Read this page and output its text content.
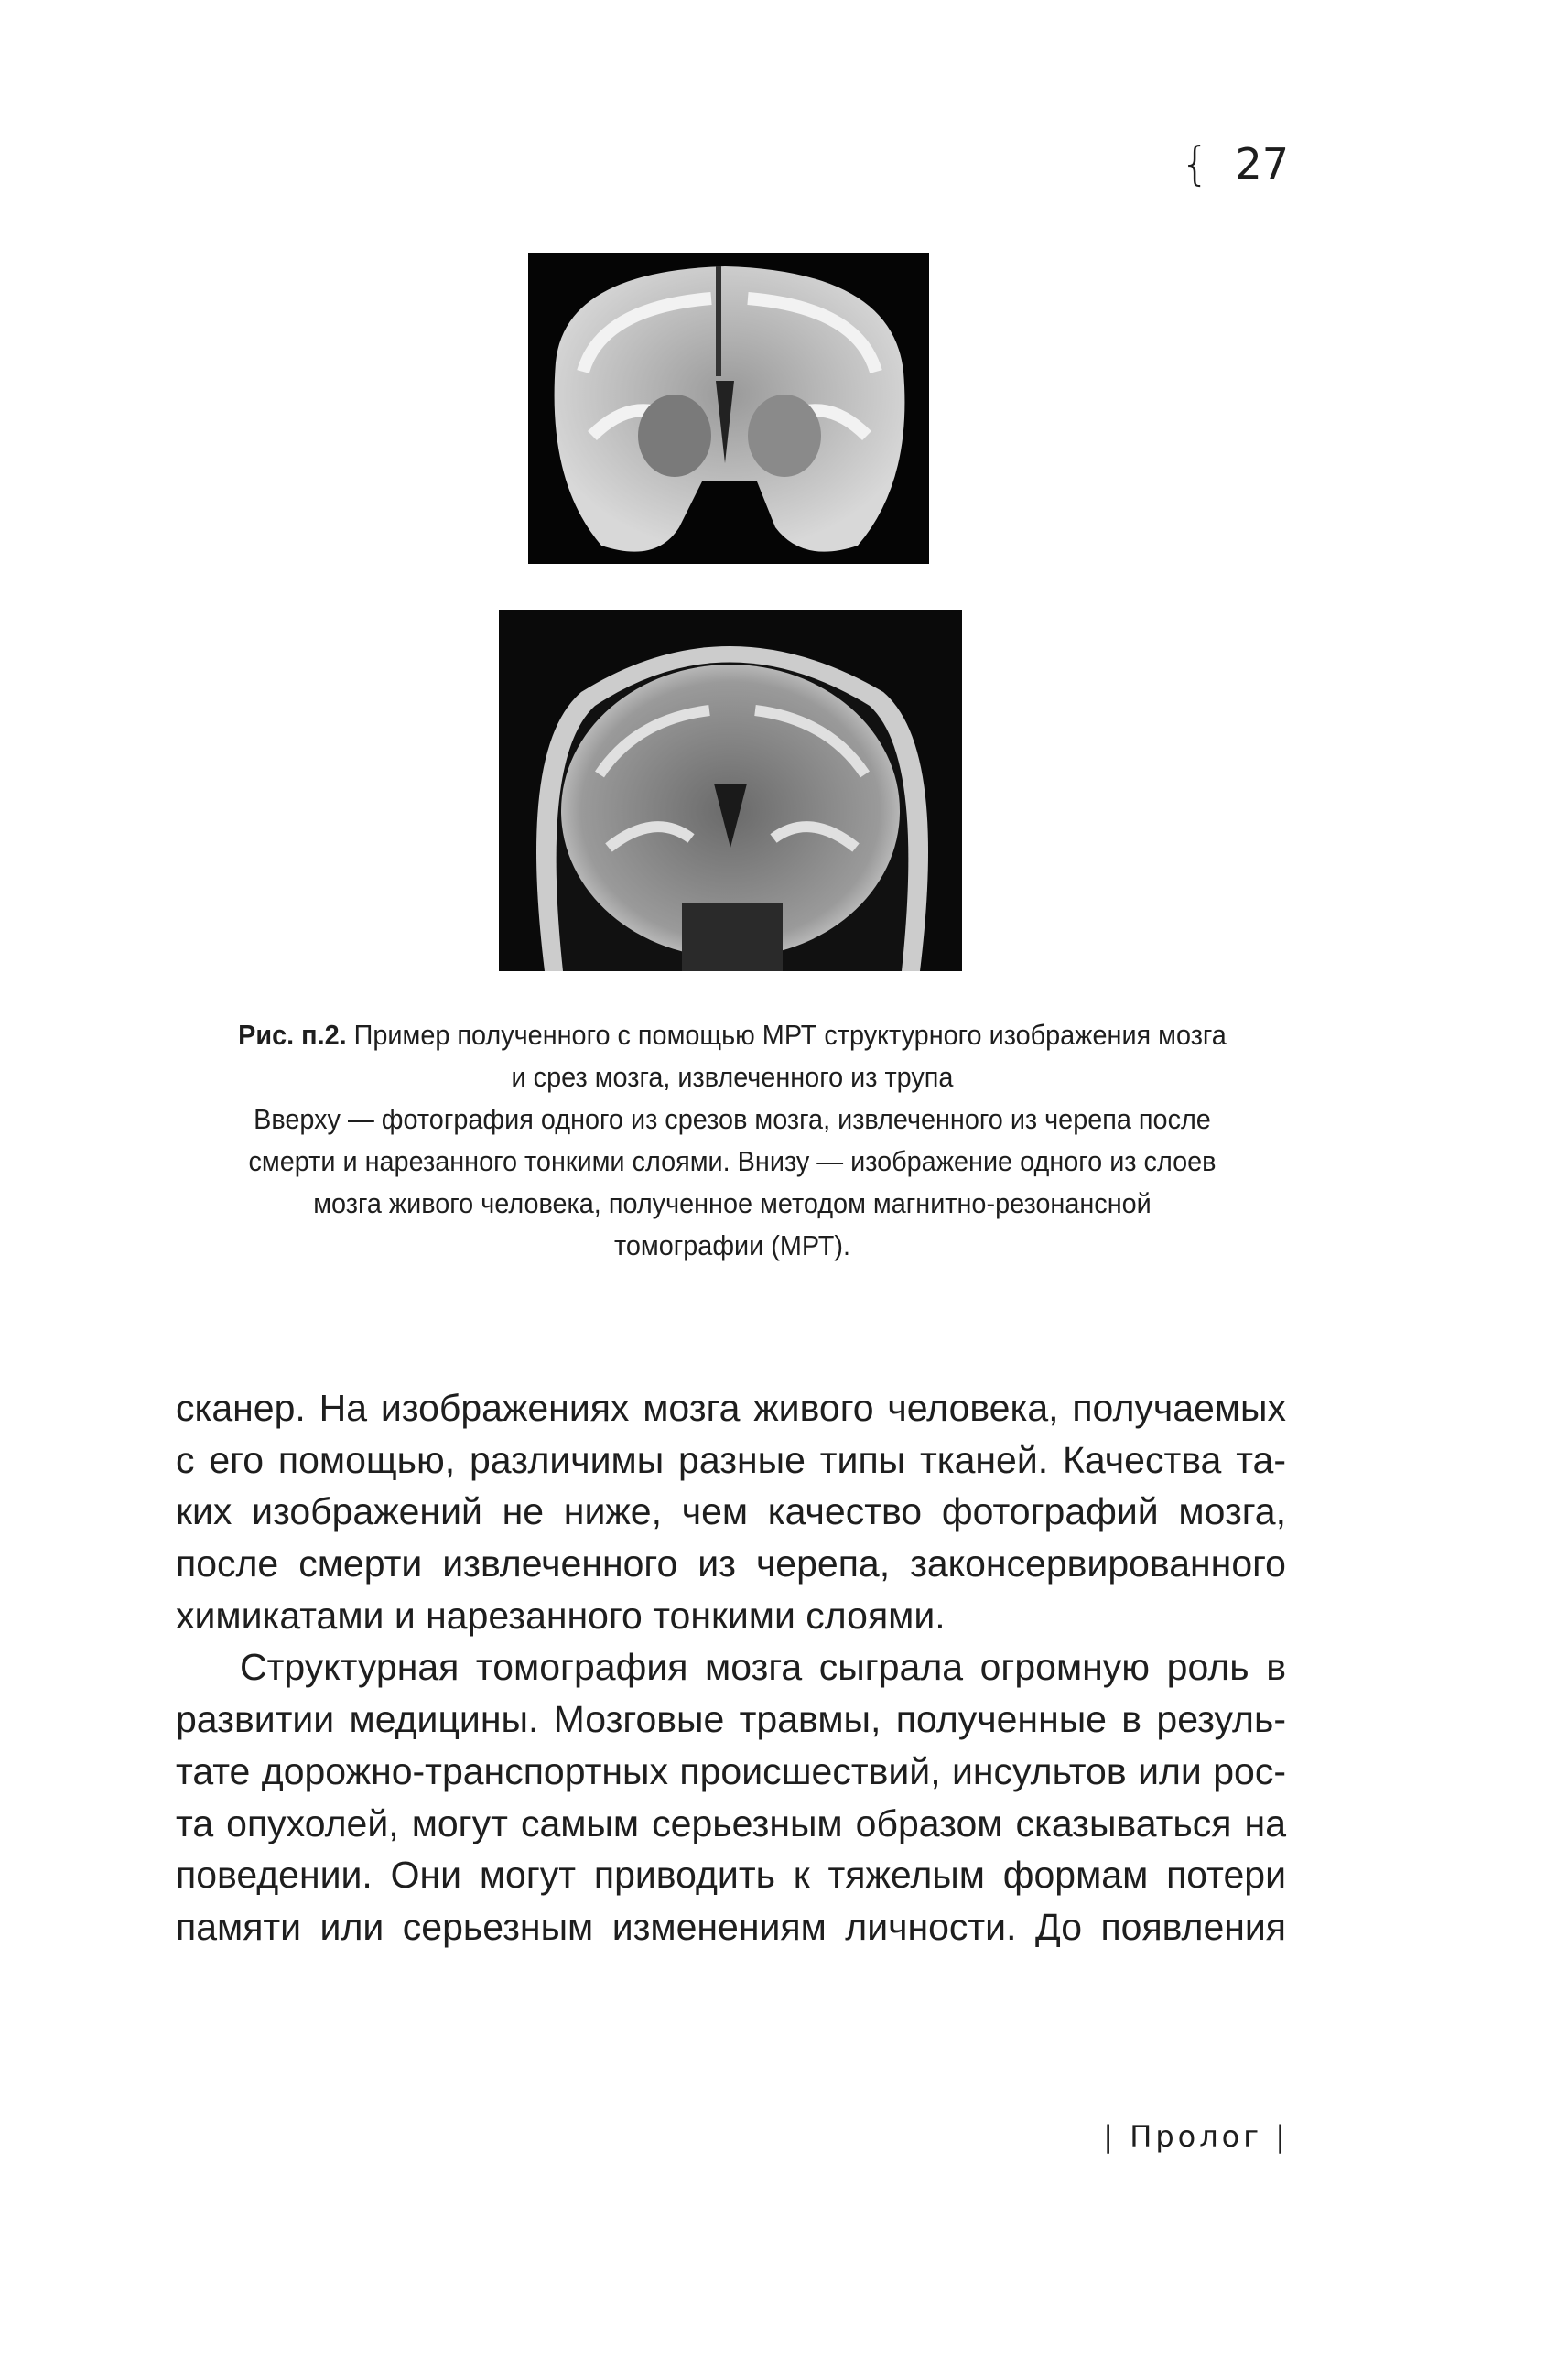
{ 27
Рис. п.2. Пример полученного с помощью МРТ структурного изображения мозга
и срез мозга, извлеченного из трупа
Вверху — фотография одного из срезов мозга, извлеченного из черепа после
смерти и нарезанного тонкими слоями. Внизу — изображение одного из слоев
мозга живого человека, полученное методом магнитно-резонансной
томографии (МРТ).
сканер. На изображениях мозга живого человека, получаемых
с его помощью, различимы разные типы тканей. Качества та-
ких изображений не ниже, чем качество фотографий мозга,
после смерти извлеченного из черепа, законсервированного
химикатами и нарезанного тонкими слоями.
Структурная томография мозга сыграла огромную роль в
развитии медицины. Мозговые травмы, полученные в резуль-
тате дорожно-транспортных происшествий, инсультов или рос-
та опухолей, могут самым серьезным образом сказываться на
поведении. Они могут приводить к тяжелым формам потери
памяти или серьезным изменениям личности. До появления
| Пролог |
